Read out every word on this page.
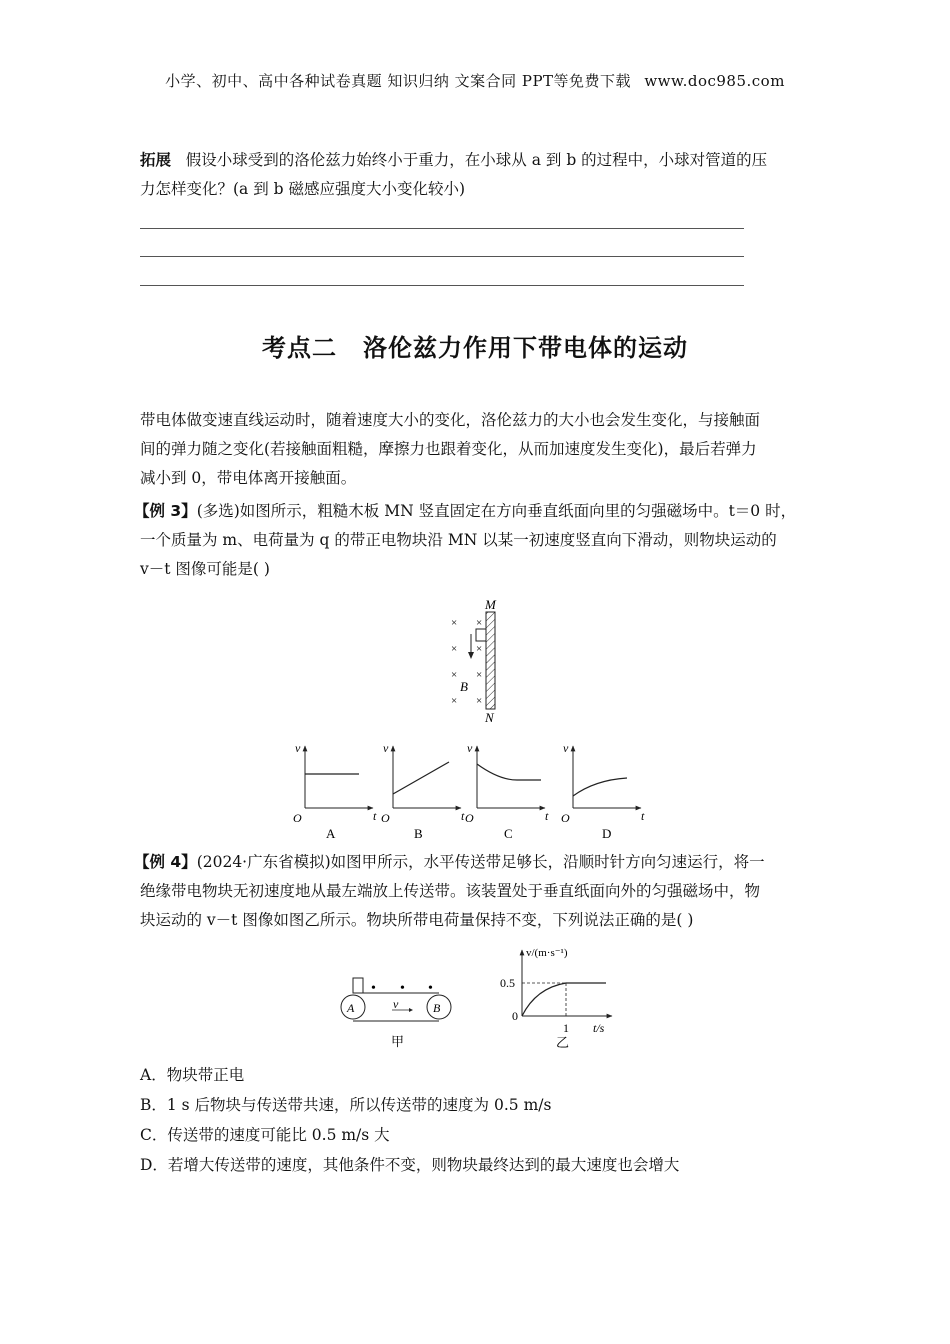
小学、初中、高中各种试卷真题 知识归纳 文案合同 PPT等免费下载 www.doc985.com
拓展 假设小球受到的洛伦兹力始终小于重力，在小球从 a 到 b 的过程中，小球对管道的压
力怎样变化？(a 到 b 磁感应强度大小变化较小)
考点二 洛伦兹力作用下带电体的运动
带电体做变速直线运动时，随着速度大小的变化，洛伦兹力的大小也会发生变化，与接触面
间的弹力随之变化(若接触面粗糙，摩擦力也跟着变化，从而加速度发生变化)，最后若弹力
减小到 0，带电体离开接触面。
【例 3】(多选)如图所示，粗糙木板 MN 竖直固定在方向垂直纸面向里的匀强磁场中。t＝0 时，
一个质量为 m、电荷量为 q 的带正电物块沿 MN 以某一初速度竖直向下滑动，则物块运动的
v－t 图像可能是( )
M
× ×
× ×
× ×
× ×
B
N
v
t
O
A
v
t
O
B
v
t
O
C
v
t
O
D
【例 4】(2024·广东省模拟)如图甲所示，水平传送带足够长，沿顺时针方向匀速运行，将一
绝缘带电物块无初速度地从最左端放上传送带。该装置处于垂直纸面向外的匀强磁场中，物
块运动的 v－t 图像如图乙所示。物块所带电荷量保持不变，下列说法正确的是( )
• • •
A	B
v
甲
v/(m·s⁻¹)
0.5
0
1 t/s
乙
A．物块带正电
B．1 s 后物块与传送带共速，所以传送带的速度为 0.5 m/s
C．传送带的速度可能比 0.5 m/s 大
D．若增大传送带的速度，其他条件不变，则物块最终达到的最大速度也会增大
